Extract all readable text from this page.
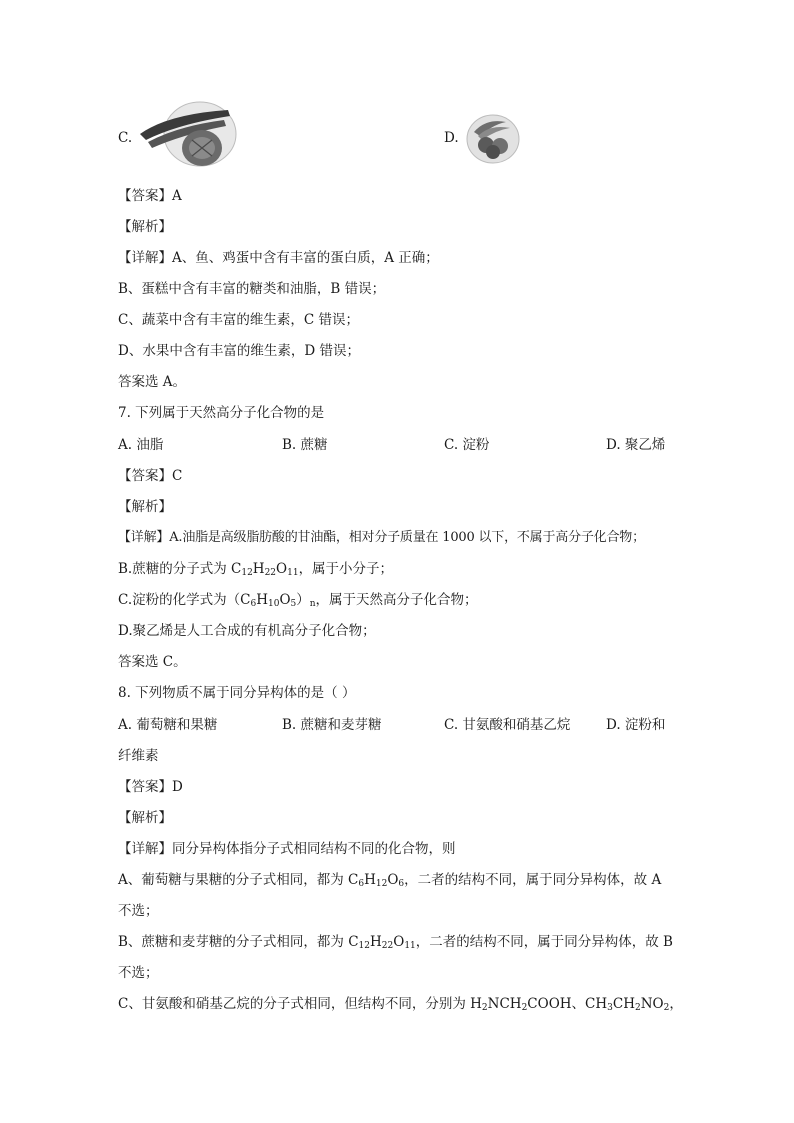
C.	D.
【答案】A
【解析】
【详解】A、鱼、鸡蛋中含有丰富的蛋白质，A 正确；
B、蛋糕中含有丰富的糖类和油脂，B 错误；
C、蔬菜中含有丰富的维生素，C 错误；
D、水果中含有丰富的维生素，D 错误；
答案选 A。
7. 下列属于天然高分子化合物的是
A. 油脂	B. 蔗糖	C. 淀粉	D. 聚乙烯
【答案】C
【解析】
【详解】A.油脂是高级脂肪酸的甘油酯，相对分子质量在 1000 以下，不属于高分子化合物；
B.蔗糖的分子式为 $C_{12}H_{22}O_{11}$，属于小分子；
C.淀粉的化学式为$(C_6H_{10}O_5)_n$，属于天然高分子化合物；
D.聚乙烯是人工合成的有机高分子化合物；
答案选 C。
8. 下列物质不属于同分异构体的是（ ）
A. 葡萄糖和果糖	B. 蔗糖和麦芽糖	C. 甘氨酸和硝基乙烷	D. 淀粉和
纤维素
【答案】D
【解析】
【详解】同分异构体指分子式相同结构不同的化合物，则
A、葡萄糖与果糖的分子式相同，都为 $C_6H_{12}O_6$，二者的结构不同，属于同分异构体，故 A
不选；
B、蔗糖和麦芽糖的分子式相同，都为 $C_{12}H_{22}O_{11}$，二者的结构不同，属于同分异构体，故 B
不选；
C、甘氨酸和硝基乙烷的分子式相同，但结构不同，分别为 $H_2NCH_2COOH$、$CH_3CH_2NO_2$，
